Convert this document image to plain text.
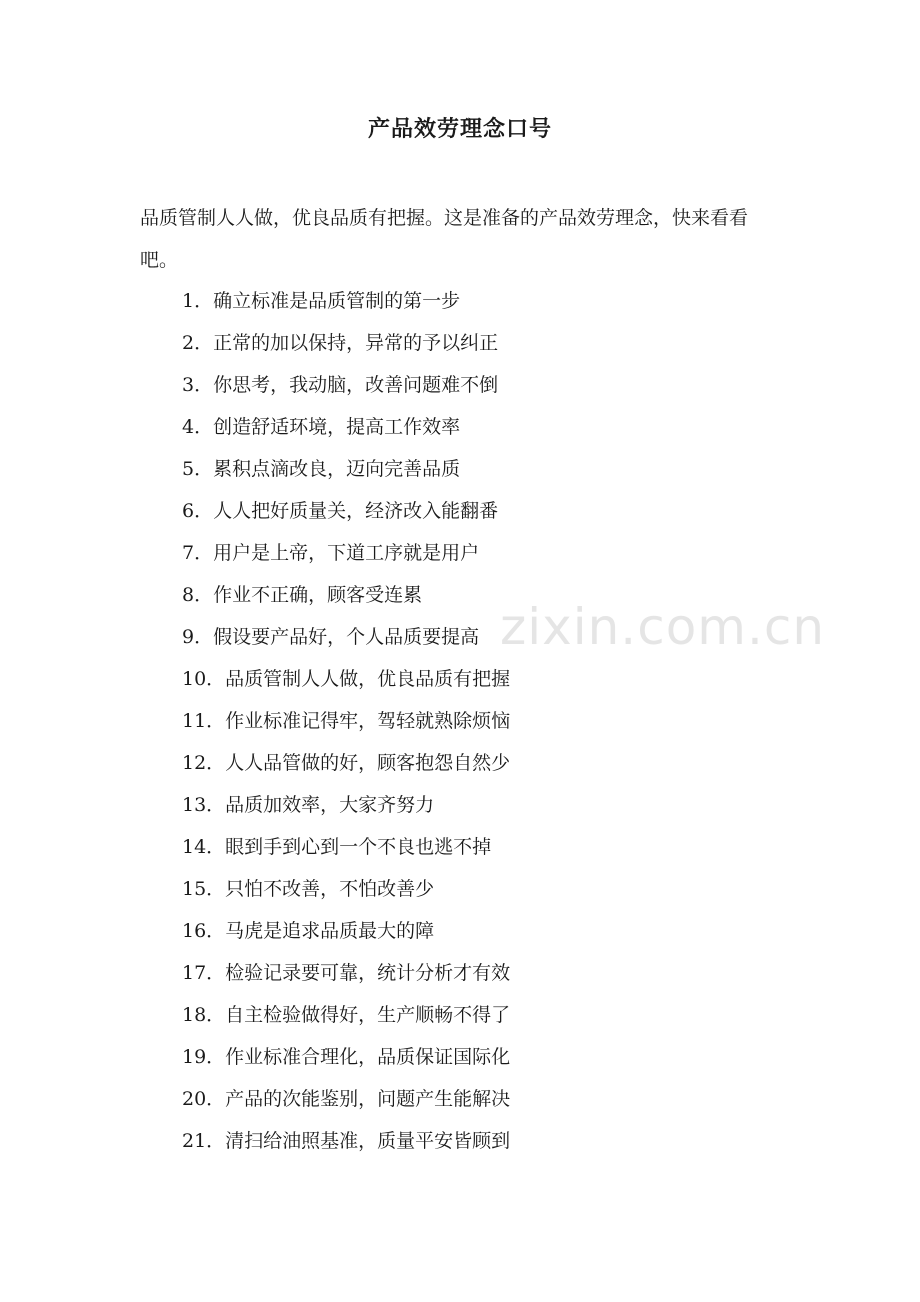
产品效劳理念口号
品质管制人人做，优良品质有把握。这是准备的产品效劳理念，快来看看吧。
1．确立标准是品质管制的第一步
2．正常的加以保持，异常的予以纠正
3．你思考，我动脑，改善问题难不倒
4．创造舒适环境，提高工作效率
5．累积点滴改良，迈向完善品质
6．人人把好质量关，经济改入能翻番
7．用户是上帝，下道工序就是用户
8．作业不正确，顾客受连累
9．假设要产品好，个人品质要提高
10．品质管制人人做，优良品质有把握
11．作业标准记得牢，驾轻就熟除烦恼
12．人人品管做的好，顾客抱怨自然少
13．品质加效率，大家齐努力
14．眼到手到心到一个不良也逃不掉
15．只怕不改善，不怕改善少
16．马虎是追求品质最大的障
17．检验记录要可靠，统计分析才有效
18．自主检验做得好，生产顺畅不得了
19．作业标准合理化，品质保证国际化
20．产品的次能鉴别，问题产生能解决
21．清扫给油照基准，质量平安皆顾到
zixin.com.cn
